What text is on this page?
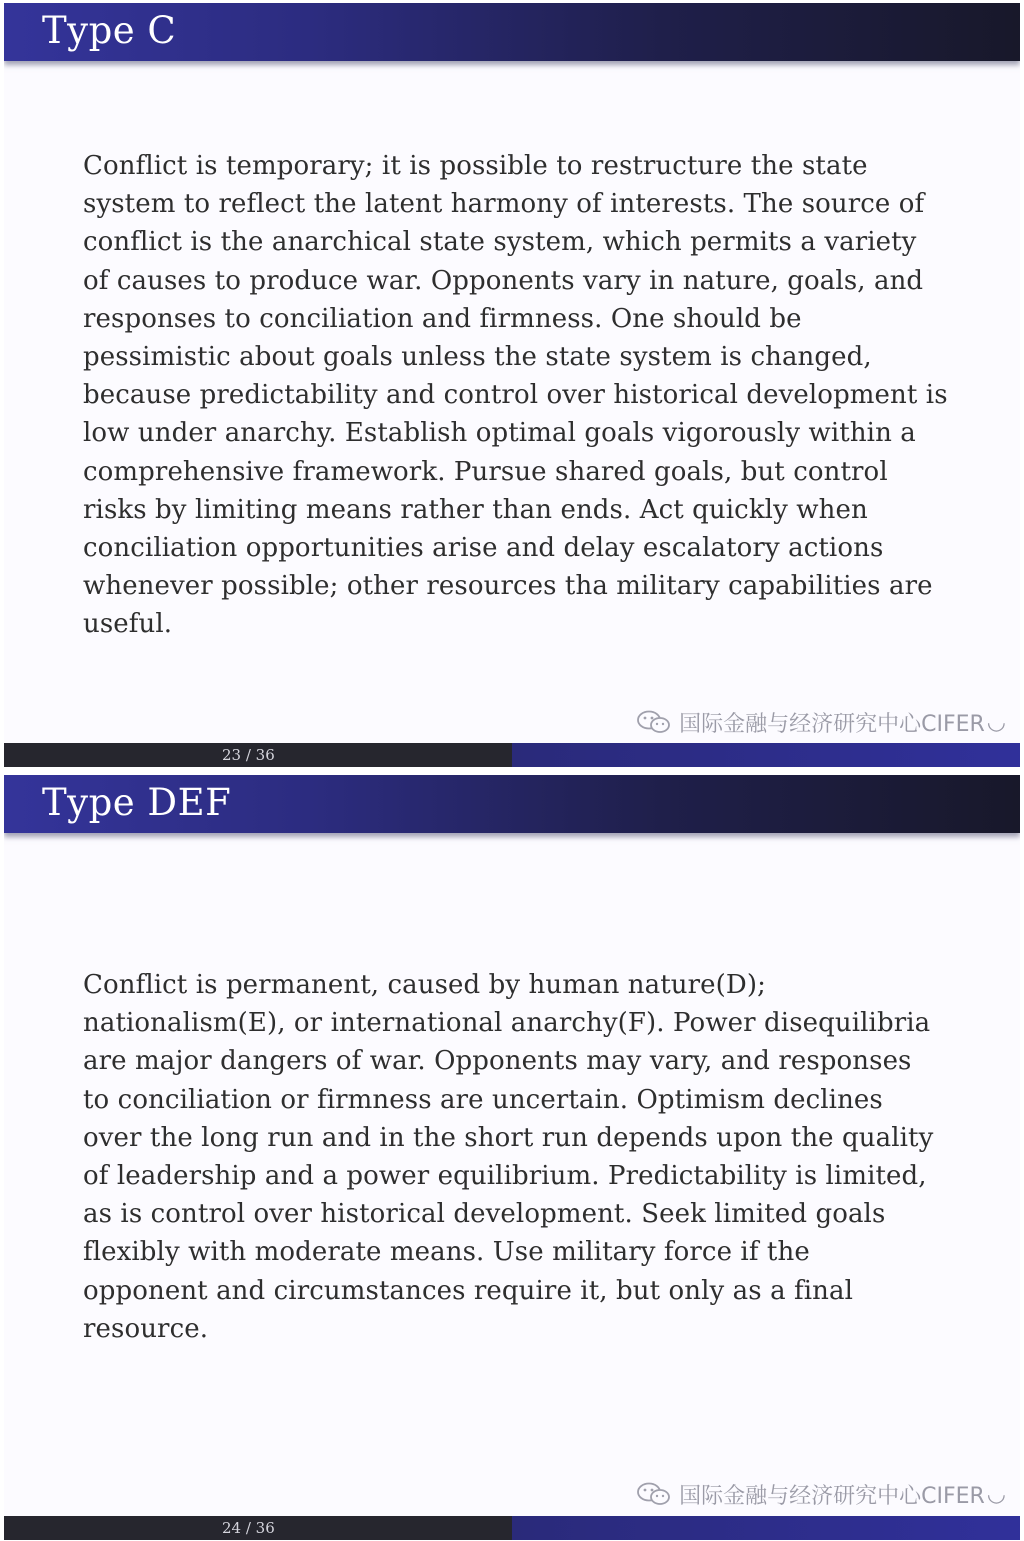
Type C
Conflict is temporary; it is possible to restructure the state
system to reflect the latent harmony of interests. The source of
conflict is the anarchical state system, which permits a variety
of causes to produce war. Opponents vary in nature, goals, and
responses to conciliation and firmness. One should be
pessimistic about goals unless the state system is changed,
because predictability and control over historical development is
low under anarchy. Establish optimal goals vigorously within a
comprehensive framework. Pursue shared goals, but control
risks by limiting means rather than ends. Act quickly when
conciliation opportunities arise and delay escalatory actions
whenever possible; other resources tha military capabilities are
useful.
国际金融与经济研究中心CIFER ◡
23 / 36
Type DEF
Conflict is permanent, caused by human nature(D);
nationalism(E), or international anarchy(F). Power disequilibria
are major dangers of war. Opponents may vary, and responses
to conciliation or firmness are uncertain. Optimism declines
over the long run and in the short run depends upon the quality
of leadership and a power equilibrium. Predictability is limited,
as is control over historical development. Seek limited goals
flexibly with moderate means. Use military force if the
opponent and circumstances require it, but only as a final
resource.
国际金融与经济研究中心CIFER ◡
24 / 36
